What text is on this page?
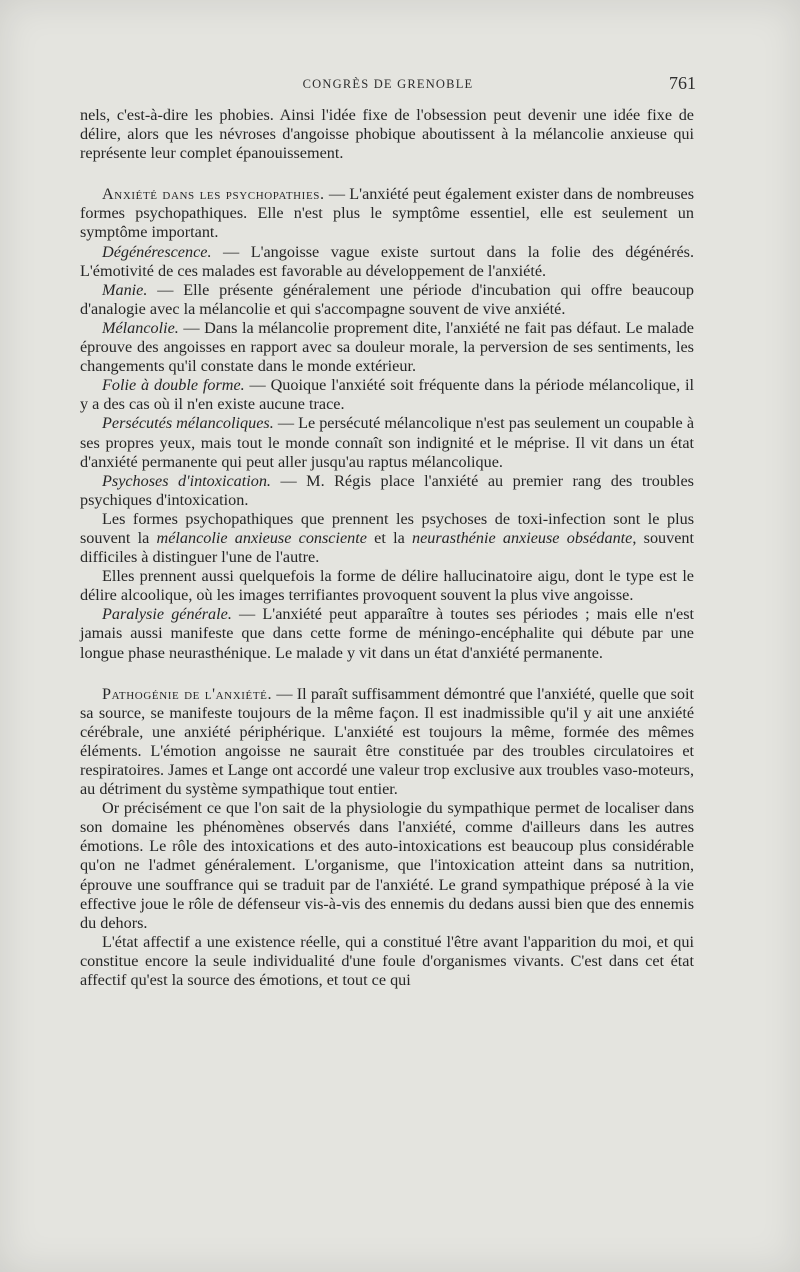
CONGRÈS DE GRENOBLE	761

nels, c'est-à-dire les phobies. Ainsi l'idée fixe de l'obsession peut devenir une idée fixe de délire, alors que les névroses d'angoisse phobique aboutissent à la mélancolie anxieuse qui représente leur complet épanouissement.

Anxiété dans les psychopathies. — L'anxiété peut également exister dans de nombreuses formes psychopathiques. Elle n'est plus le symptôme essentiel, elle est seulement un symptôme important.

Dégénérescence. — L'angoisse vague existe surtout dans la folie des dégénérés. L'émotivité de ces malades est favorable au développement de l'anxiété.

Manie. — Elle présente généralement une période d'incubation qui offre beaucoup d'analogie avec la mélancolie et qui s'accompagne souvent de vive anxiété.

Mélancolie. — Dans la mélancolie proprement dite, l'anxiété ne fait pas défaut. Le malade éprouve des angoisses en rapport avec sa douleur morale, la perversion de ses sentiments, les changements qu'il constate dans le monde extérieur.

Folie à double forme. — Quoique l'anxiété soit fréquente dans la période mélancolique, il y a des cas où il n'en existe aucune trace.

Persécutés mélancoliques. — Le persécuté mélancolique n'est pas seulement un coupable à ses propres yeux, mais tout le monde connaît son indignité et le méprise. Il vit dans un état d'anxiété permanente qui peut aller jusqu'au raptus mélancolique.

Psychoses d'intoxication. — M. Régis place l'anxiété au premier rang des troubles psychiques d'intoxication.

Les formes psychopathiques que prennent les psychoses de toxi-infection sont le plus souvent la mélancolie anxieuse consciente et la neurasthénie anxieuse obsédante, souvent difficiles à distinguer l'une de l'autre.

Elles prennent aussi quelquefois la forme de délire hallucinatoire aigu, dont le type est le délire alcoolique, où les images terrifiantes provoquent souvent la plus vive angoisse.

Paralysie générale. — L'anxiété peut apparaître à toutes ses périodes ; mais elle n'est jamais aussi manifeste que dans cette forme de méningo-encéphalite qui débute par une longue phase neurasthénique. Le malade y vit dans un état d'anxiété permanente.

Pathogénie de l'anxiété. — Il paraît suffisamment démontré que l'anxiété, quelle que soit sa source, se manifeste toujours de la même façon. Il est inadmissible qu'il y ait une anxiété cérébrale, une anxiété périphérique. L'anxiété est toujours la même, formée des mêmes éléments. L'émotion angoisse ne saurait être constituée par des troubles circulatoires et respiratoires. James et Lange ont accordé une valeur trop exclusive aux troubles vaso-moteurs, au détriment du système sympathique tout entier.

Or précisément ce que l'on sait de la physiologie du sympathique permet de localiser dans son domaine les phénomènes observés dans l'anxiété, comme d'ailleurs dans les autres émotions. Le rôle des intoxications et des auto-intoxications est beaucoup plus considérable qu'on ne l'admet généralement. L'organisme, que l'intoxication atteint dans sa nutrition, éprouve une souffrance qui se traduit par de l'anxiété. Le grand sympathique préposé à la vie effective joue le rôle de défenseur vis-à-vis des ennemis du dedans aussi bien que des ennemis du dehors.

L'état affectif a une existence réelle, qui a constitué l'être avant l'apparition du moi, et qui constitue encore la seule individualité d'une foule d'organismes vivants. C'est dans cet état affectif qu'est la source des émotions, et tout ce qui
